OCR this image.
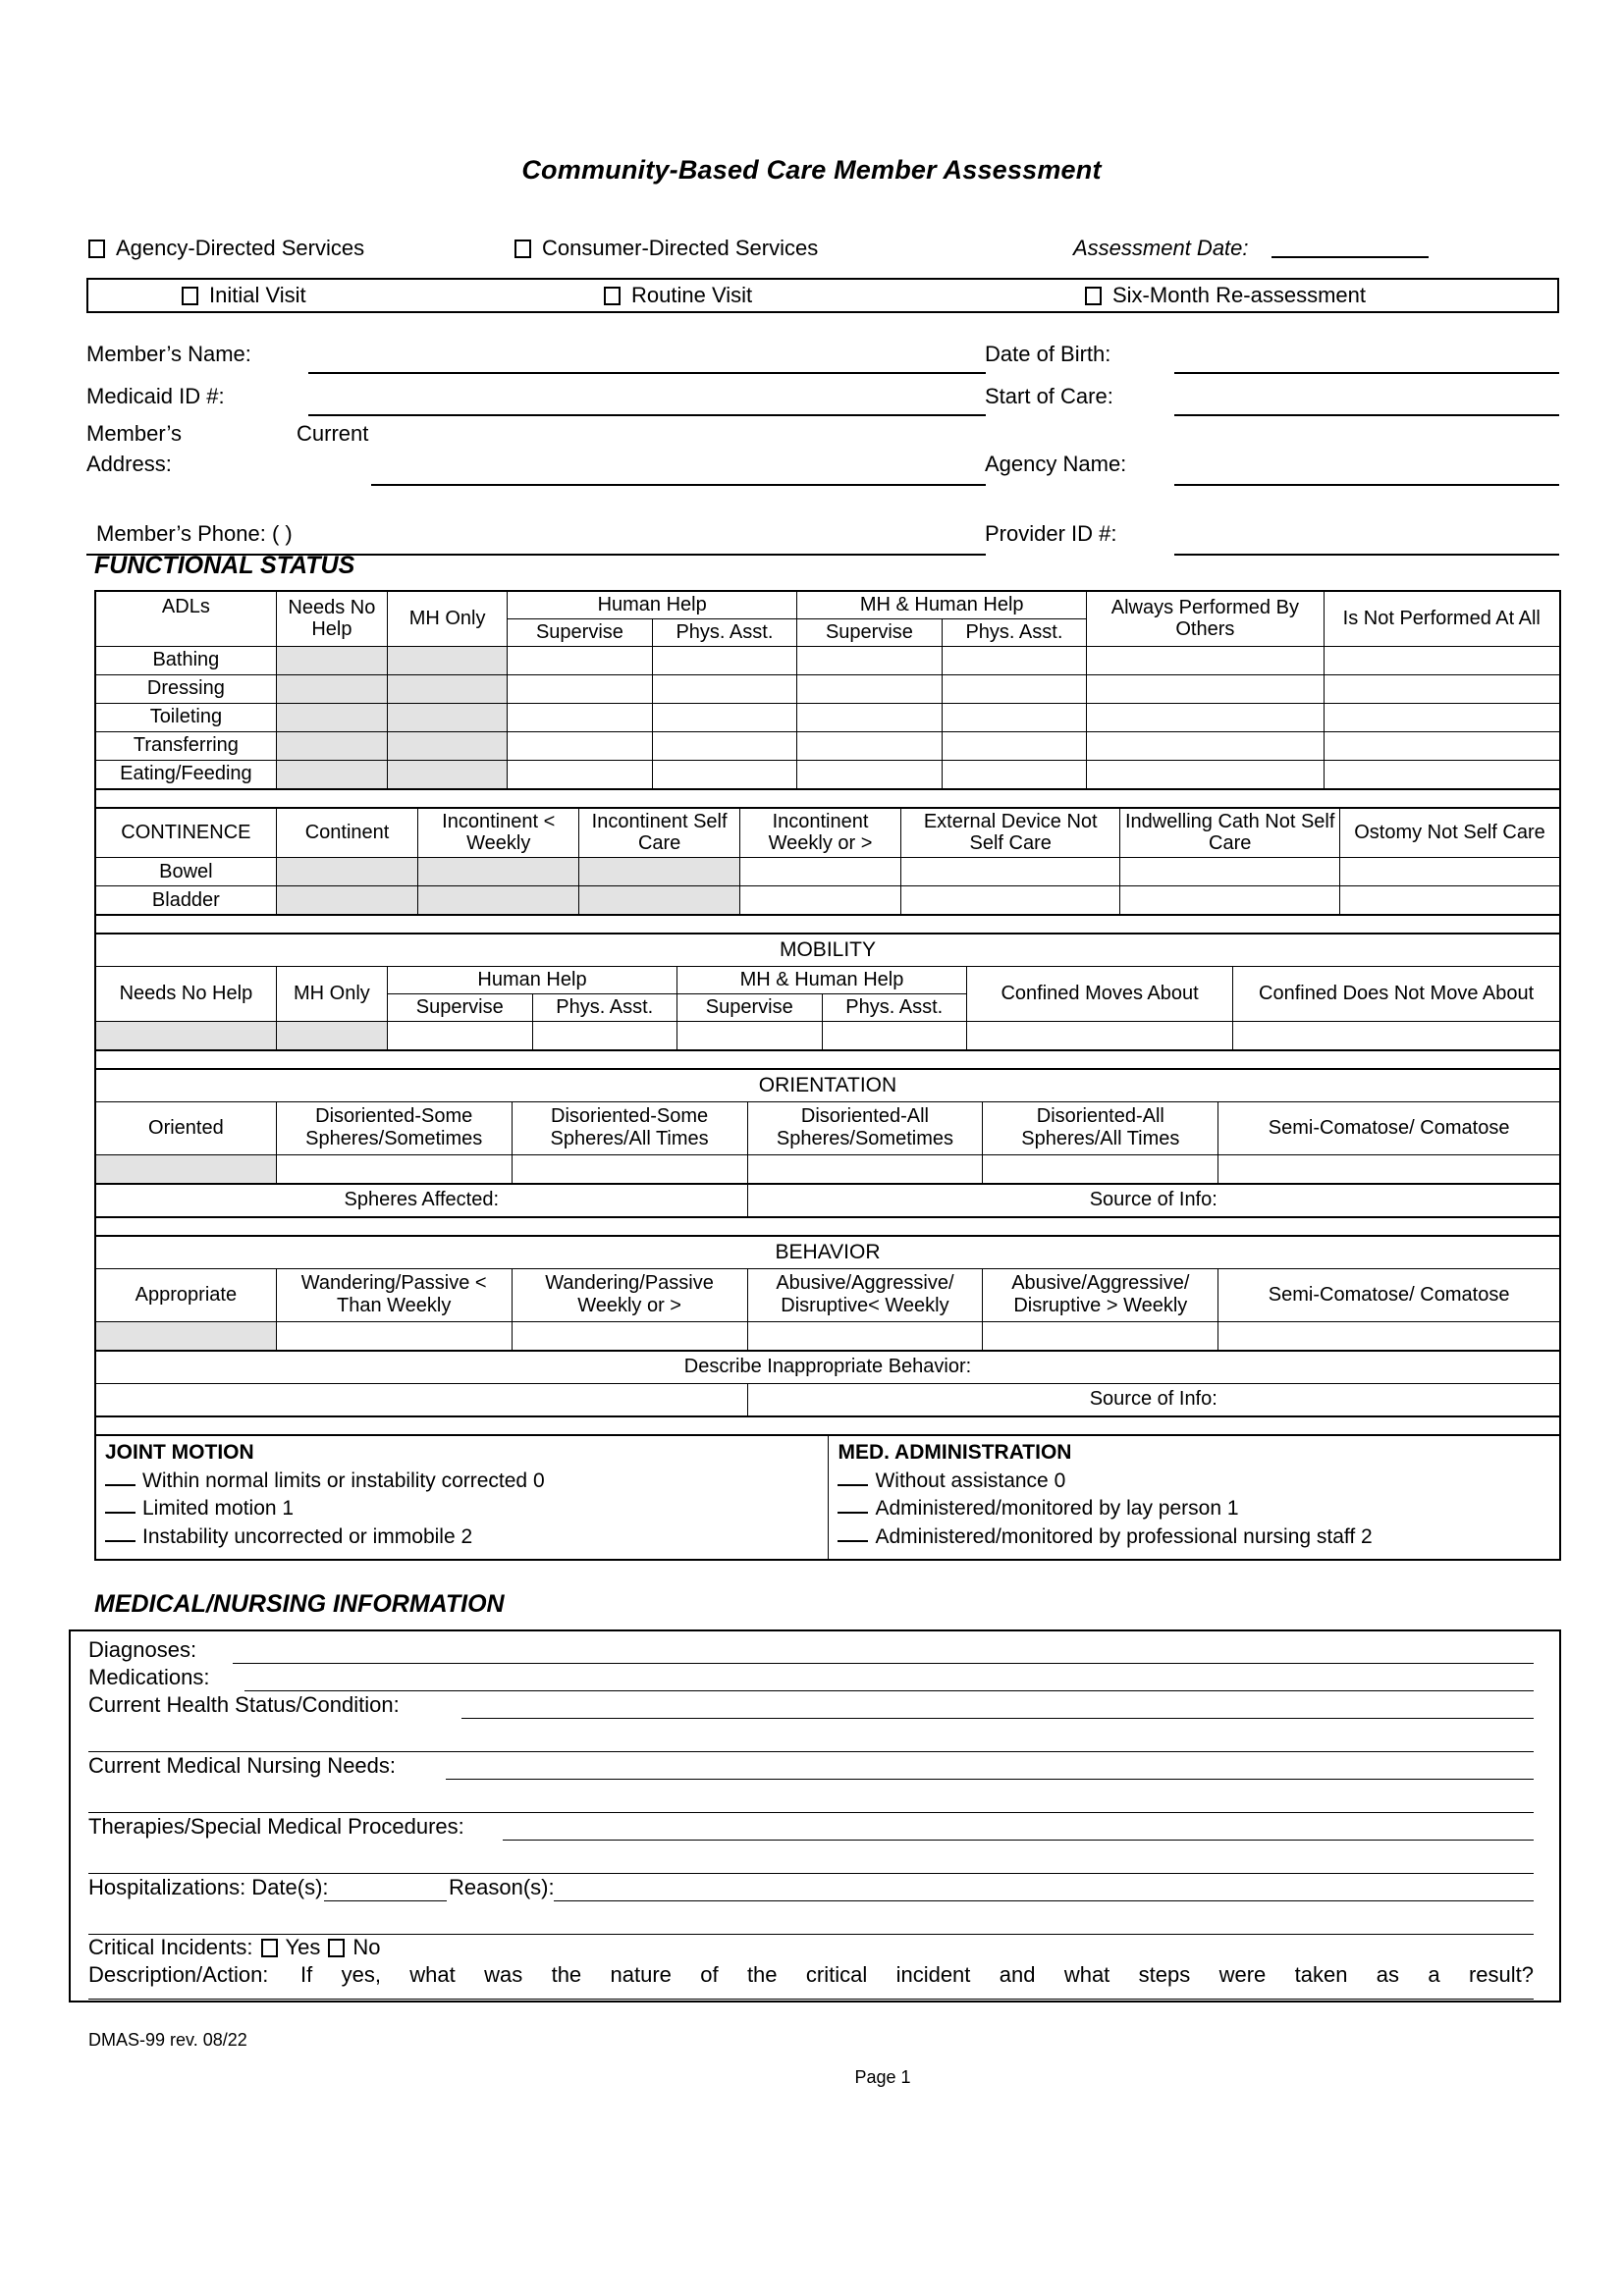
Community-Based Care Member Assessment
Agency-Directed Services	Consumer-Directed Services	Assessment Date:
Initial Visit	Routine Visit	Six-Month Re-assessment
Member’s Name:	Date of Birth:
Medicaid ID #:	Start of Care:
Member’s	Current
Address:	Agency Name:
Member’s Phone: ( )	Provider ID #:
FUNCTIONAL STATUS
ADLs	Needs No Help	MH Only	Human Help		MH & Human Help		Always Performed By Others	Is Not Performed At All
			Supervise	Phys. Asst.	Supervise	Phys. Asst.		
Bathing								
Dressing								
Toileting								
Transferring								
Eating/Feeding								

CONTINENCE	Continent	Incontinent < Weekly	Incontinent Self Care	Incontinent Weekly or >	External Device Not Self Care	Indwelling Cath Not Self Care	Ostomy Not Self Care
Bowel							
Bladder							

MOBILITY							
Needs No Help	MH Only	Human Help		MH & Human Help		Confined Moves About	Confined Does Not Move About
		Supervise	Phys. Asst.	Supervise	Phys. Asst.		

ORIENTATION					
Oriented	Disoriented-Some Spheres/Sometimes	Disoriented-Some Spheres/All Times	Disoriented-All Spheres/Sometimes	Disoriented-All Spheres/All Times	Semi-Comatose/ Comatose

Spheres Affected:			Source of Info:		

BEHAVIOR					
Appropriate	Wandering/Passive < Than Weekly	Wandering/Passive Weekly or >	Abusive/Aggressive/ Disruptive< Weekly	Abusive/Aggressive/ Disruptive > Weekly	Semi-Comatose/ Comatose

Describe Inappropriate Behavior:					
			Source of Info:		

JOINT MOTION
Within normal limits or instability corrected 0
Limited motion 1
Instability uncorrected or immobile 2
MED. ADMINISTRATION
Without assistance 0
Administered/monitored by lay person 1
Administered/monitored by professional nursing staff 2
MEDICAL/NURSING INFORMATION
Diagnoses:
Medications:
Current Health Status/Condition:
Current Medical Nursing Needs:
Therapies/Special Medical Procedures:
Hospitalizations: Date(s):	Reason(s):
Critical Incidents: Yes No
Description/Action: If yes, what was the nature of the critical incident and what steps were taken as a result?
DMAS-99 rev. 08/22
Page 1
